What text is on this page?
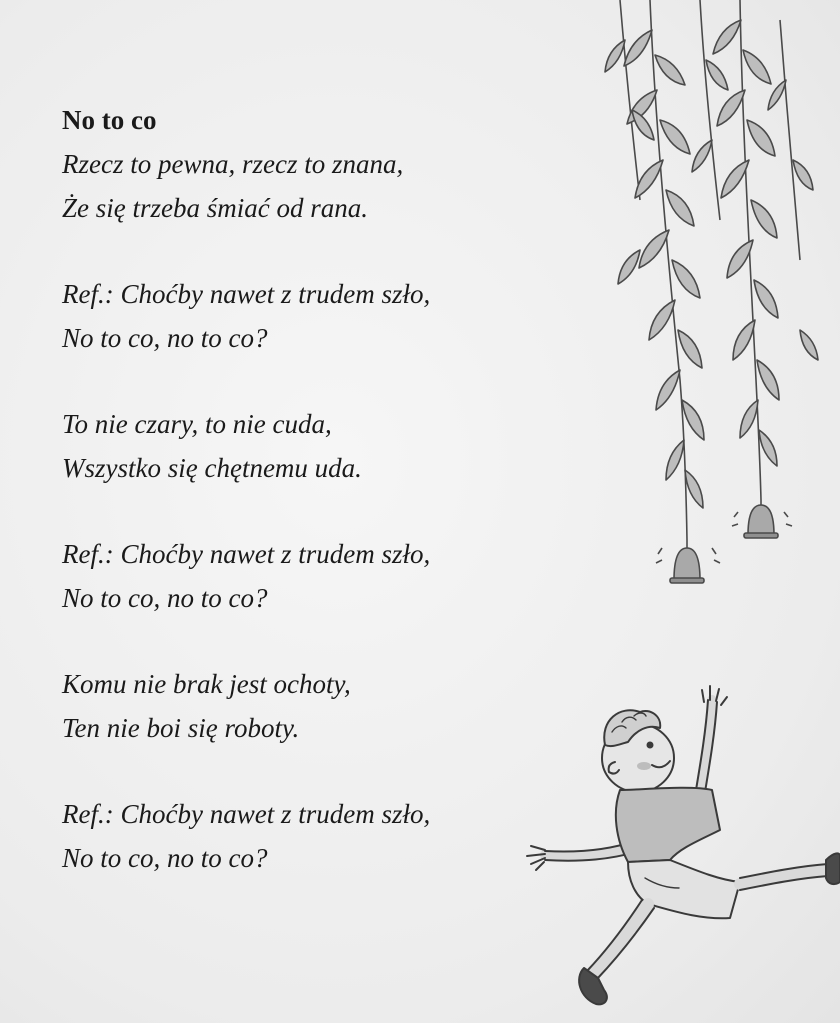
No to co
Rzecz to pewna, rzecz to znana,
Że się trzeba śmiać od rana.
Ref.: Choćby nawet z trudem szło,
No to co, no to co?
To nie czary, to nie cuda,
Wszystko się chętnemu uda.
Ref.: Choćby nawet z trudem szło,
No to co, no to co?
Komu nie brak jest ochoty,
Ten nie boi się roboty.
Ref.: Choćby nawet z trudem szło,
No to co, no to co?
